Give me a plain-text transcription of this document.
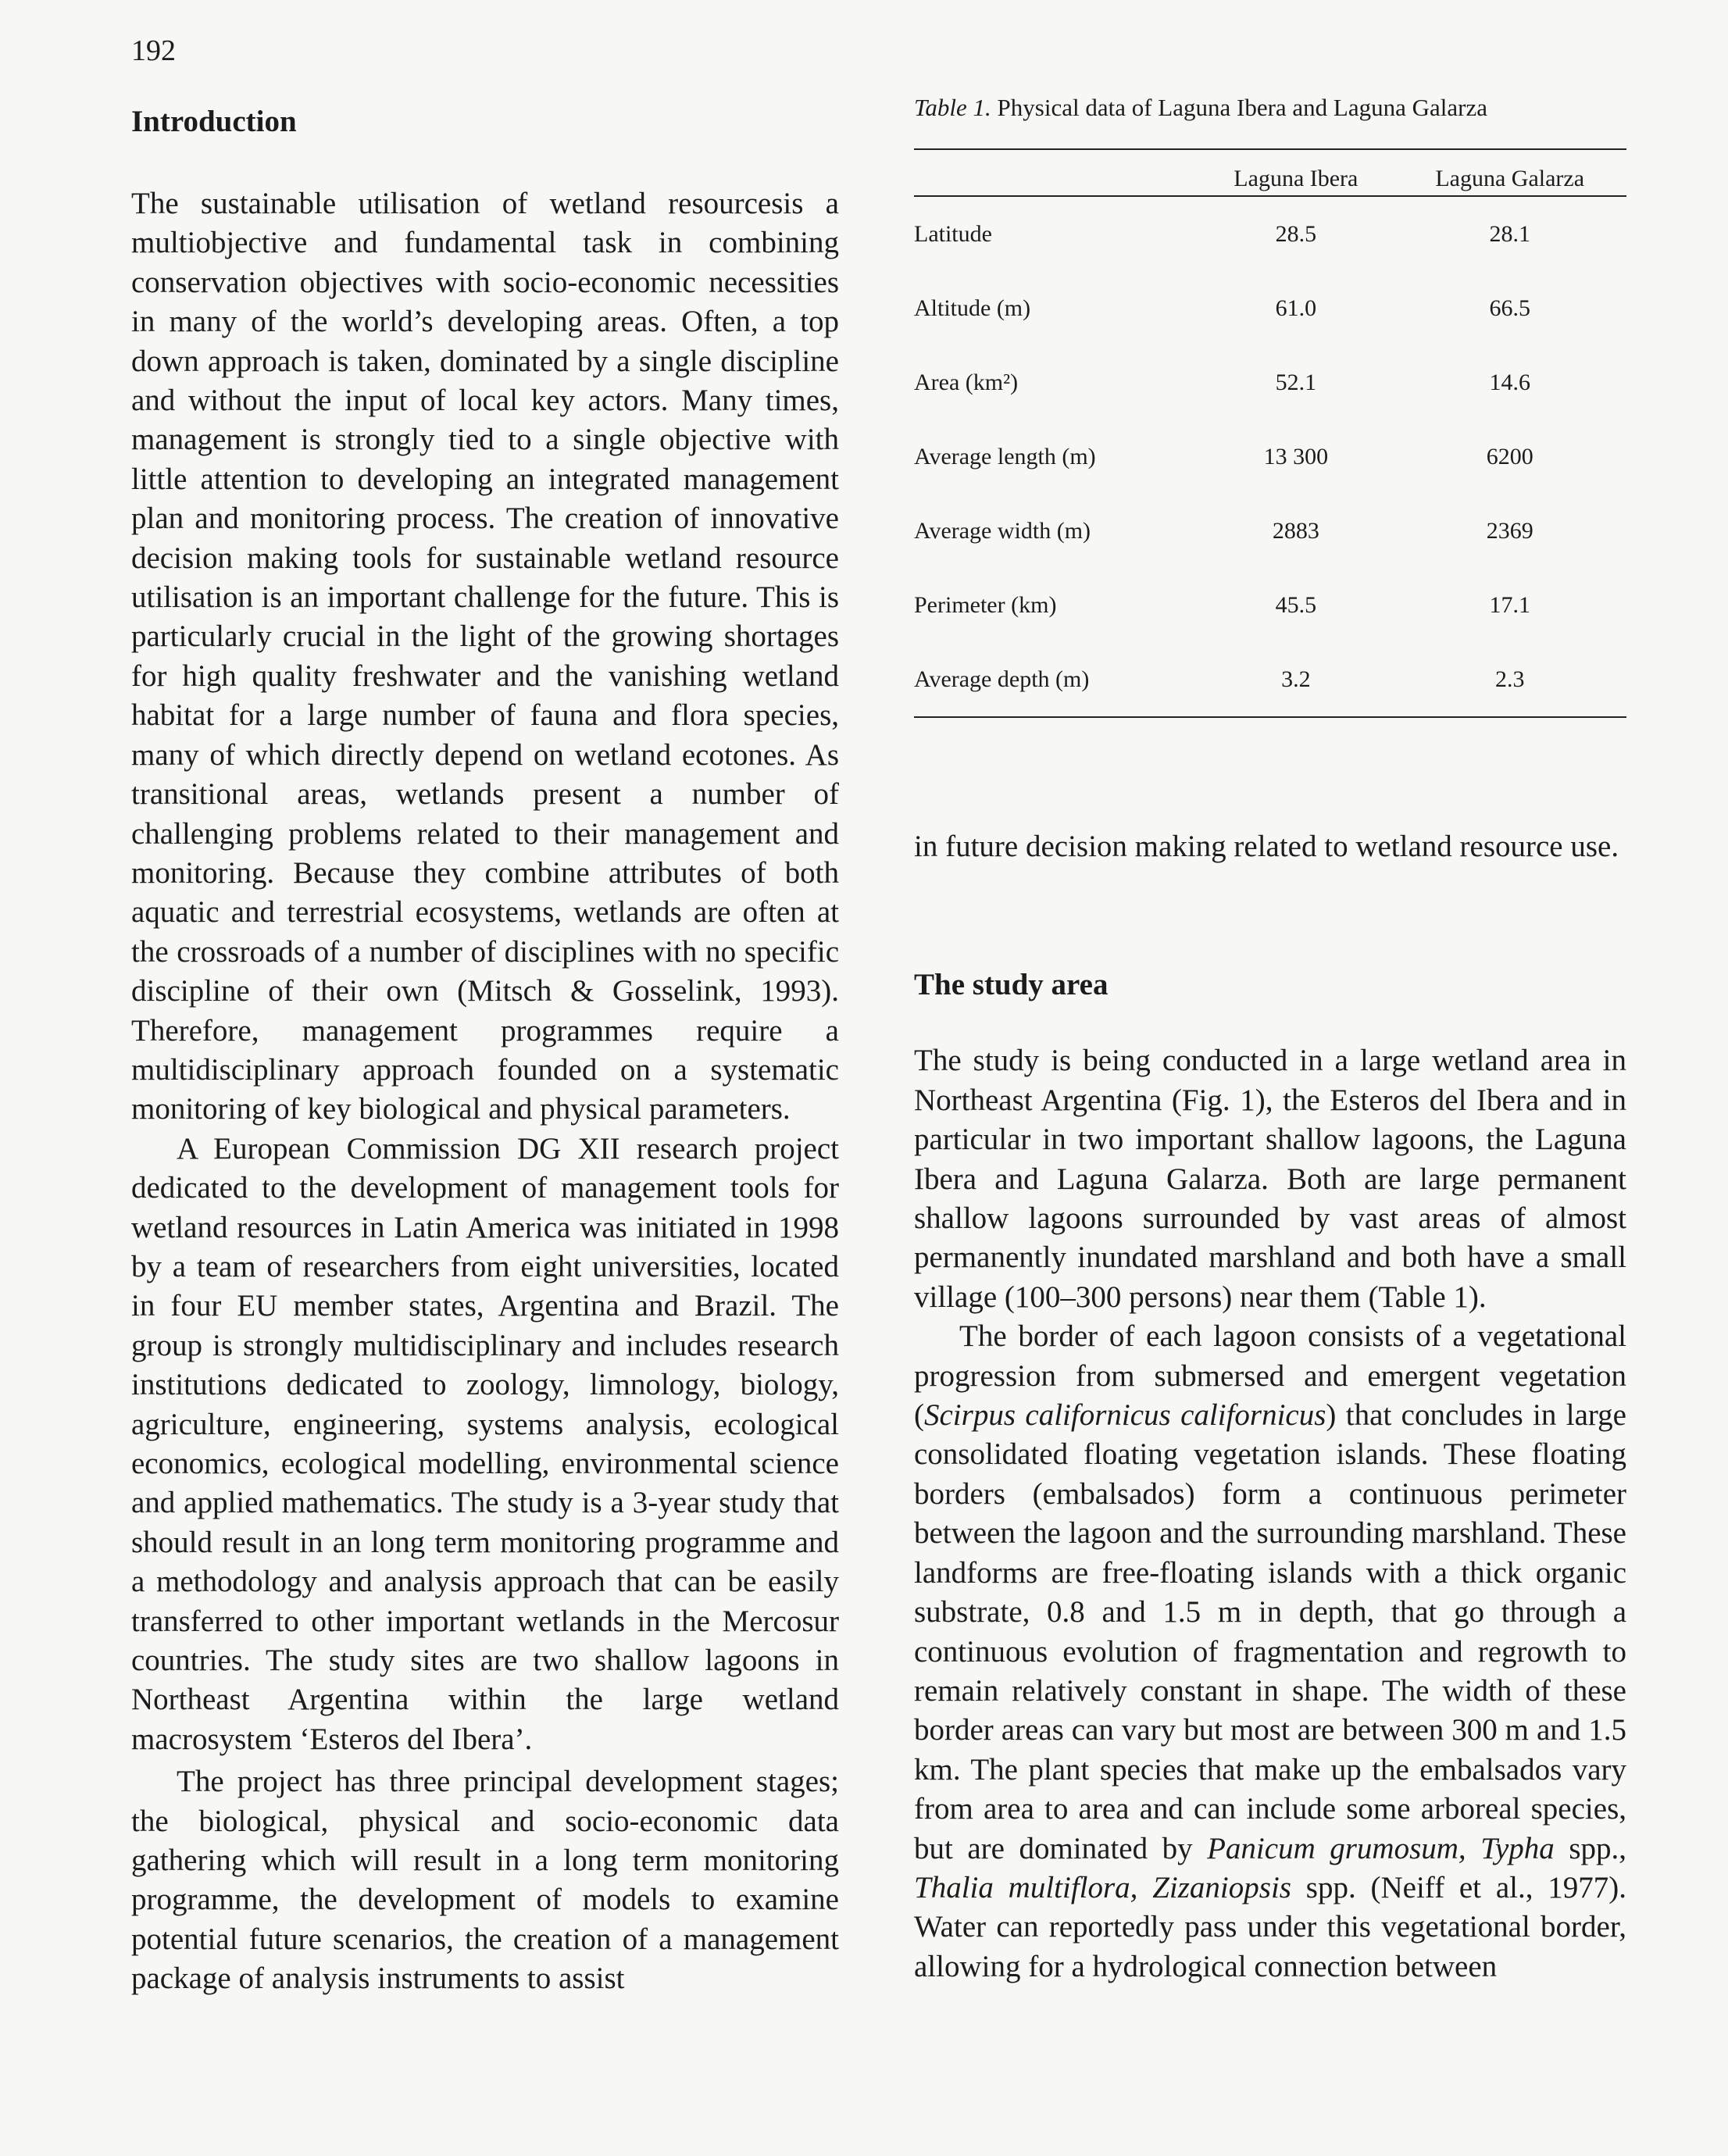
192
Introduction

The sustainable utilisation of wetland resourcesis a multiobjective and fundamental task in combining conservation objectives with socio-economic necessities in many of the world’s developing areas. Often, a top down approach is taken, dominated by a single discipline and without the input of local key actors. Many times, management is strongly tied to a single objective with little attention to developing an integrated management plan and monitoring process. The creation of innovative decision making tools for sustainable wetland resource utilisation is an important challenge for the future. This is particularly crucial in the light of the growing shortages for high quality freshwater and the vanishing wetland habitat for a large number of fauna and flora species, many of which directly depend on wetland ecotones. As transitional areas, wetlands present a number of challenging problems related to their management and monitoring. Because they combine attributes of both aquatic and terrestrial ecosystems, wetlands are often at the crossroads of a number of disciplines with no specific discipline of their own (Mitsch & Gosselink, 1993). Therefore, management programmes require a multidisciplinary approach founded on a systematic monitoring of key biological and physical parameters.

A European Commission DG XII research project dedicated to the development of management tools for wetland resources in Latin America was initiated in 1998 by a team of researchers from eight universities, located in four EU member states, Argentina and Brazil. The group is strongly multidisciplinary and includes research institutions dedicated to zoology, limnology, biology, agriculture, engineering, systems analysis, ecological economics, ecological modelling, environmental science and applied mathematics. The study is a 3-year study that should result in an long term monitoring programme and a methodology and analysis approach that can be easily transferred to other important wetlands in the Mercosur countries. The study sites are two shallow lagoons in Northeast Argentina within the large wetland macrosystem ‘Esteros del Ibera’.

The project has three principal development stages; the biological, physical and socio-economic data gathering which will result in a long term monitoring programme, the development of models to examine potential future scenarios, the creation of a management package of analysis instruments to assist

Table 1. Physical data of Laguna Ibera and Laguna Galarza
	Laguna Ibera	Laguna Galarza
Latitude	28.5	28.1
Altitude (m)	61.0	66.5
Area (km²)	52.1	14.6
Average length (m)	13 300	6200
Average width (m)	2883	2369
Perimeter (km)	45.5	17.1
Average depth (m)	3.2	2.3

in future decision making related to wetland resource use.

The study area

The study is being conducted in a large wetland area in Northeast Argentina (Fig. 1), the Esteros del Ibera and in particular in two important shallow lagoons, the Laguna Ibera and Laguna Galarza. Both are large permanent shallow lagoons surrounded by vast areas of almost permanently inundated marshland and both have a small village (100–300 persons) near them (Table 1).

The border of each lagoon consists of a vegetational progression from submersed and emergent vegetation (Scirpus californicus californicus) that concludes in large consolidated floating vegetation islands. These floating borders (embalsados) form a continuous perimeter between the lagoon and the surrounding marshland. These landforms are free-floating islands with a thick organic substrate, 0.8 and 1.5 m in depth, that go through a continuous evolution of fragmentation and regrowth to remain relatively constant in shape. The width of these border areas can vary but most are between 300 m and 1.5 km. The plant species that make up the embalsados vary from area to area and can include some arboreal species, but are dominated by Panicum grumosum, Typha spp., Thalia multiflora, Zizaniopsis spp. (Neiff et al., 1977). Water can reportedly pass under this vegetational border, allowing for a hydrological connection between
